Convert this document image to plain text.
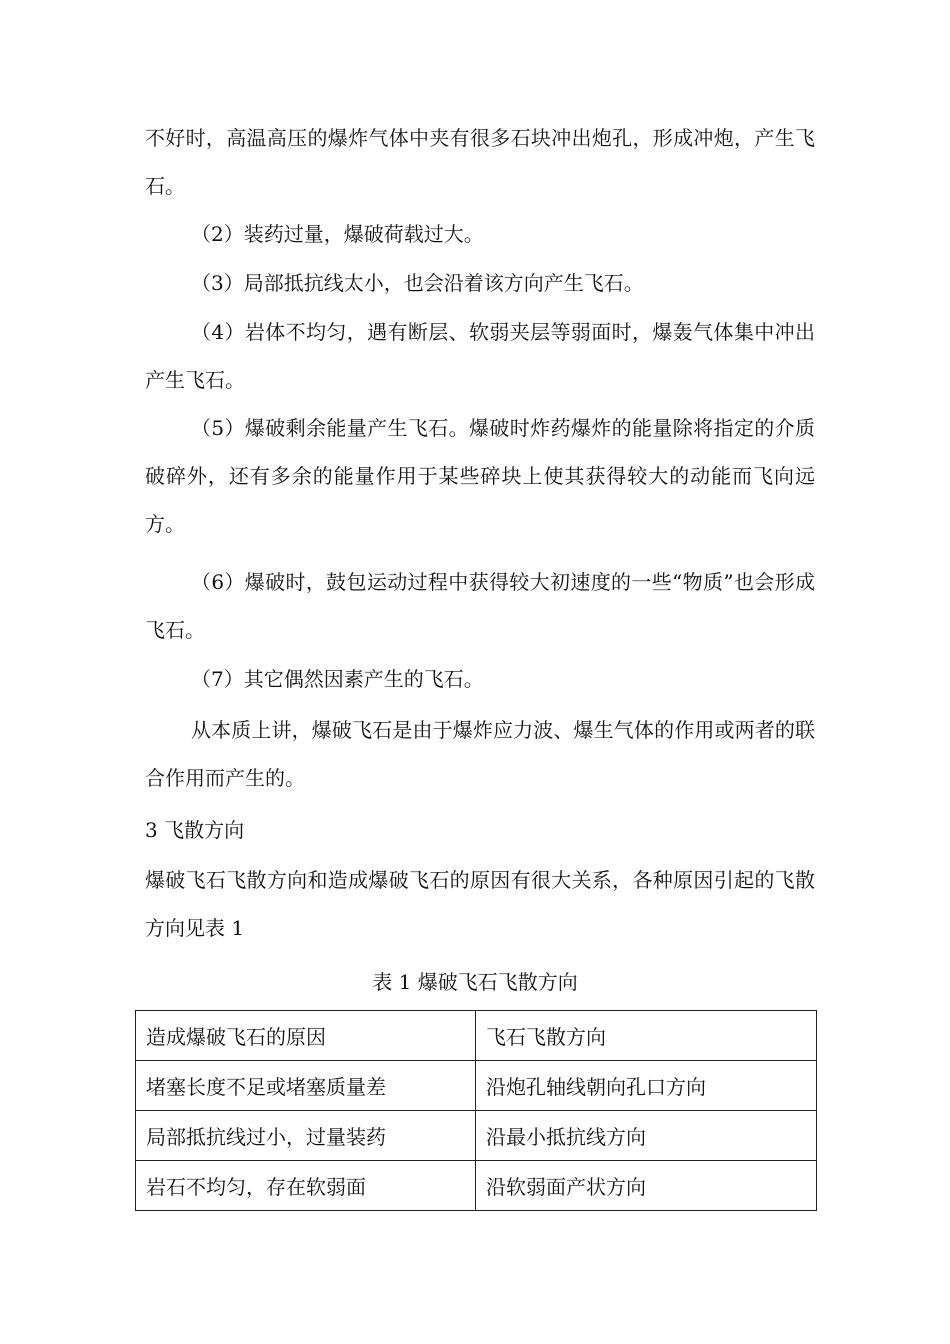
不好时，高温高压的爆炸气体中夹有很多石块冲出炮孔，形成冲炮，产生飞石。

（2）装药过量，爆破荷载过大。

（3）局部抵抗线太小，也会沿着该方向产生飞石。

（4）岩体不均匀，遇有断层、软弱夹层等弱面时，爆轰气体集中冲出产生飞石。

（5）爆破剩余能量产生飞石。爆破时炸药爆炸的能量除将指定的介质破碎外，还有多余的能量作用于某些碎块上使其获得较大的动能而飞向远方。

（6）爆破时，鼓包运动过程中获得较大初速度的一些“物质”也会形成飞石。

（7）其它偶然因素产生的飞石。

从本质上讲，爆破飞石是由于爆炸应力波、爆生气体的作用或两者的联合作用而产生的。

3 飞散方向

爆破飞石飞散方向和造成爆破飞石的原因有很大关系，各种原因引起的飞散方向见表 1

表 1 爆破飞石飞散方向
造成爆破飞石的原因	飞石飞散方向
堵塞长度不足或堵塞质量差	沿炮孔轴线朝向孔口方向
局部抵抗线过小，过量装药	沿最小抵抗线方向
岩石不均匀，存在软弱面	沿软弱面产状方向
